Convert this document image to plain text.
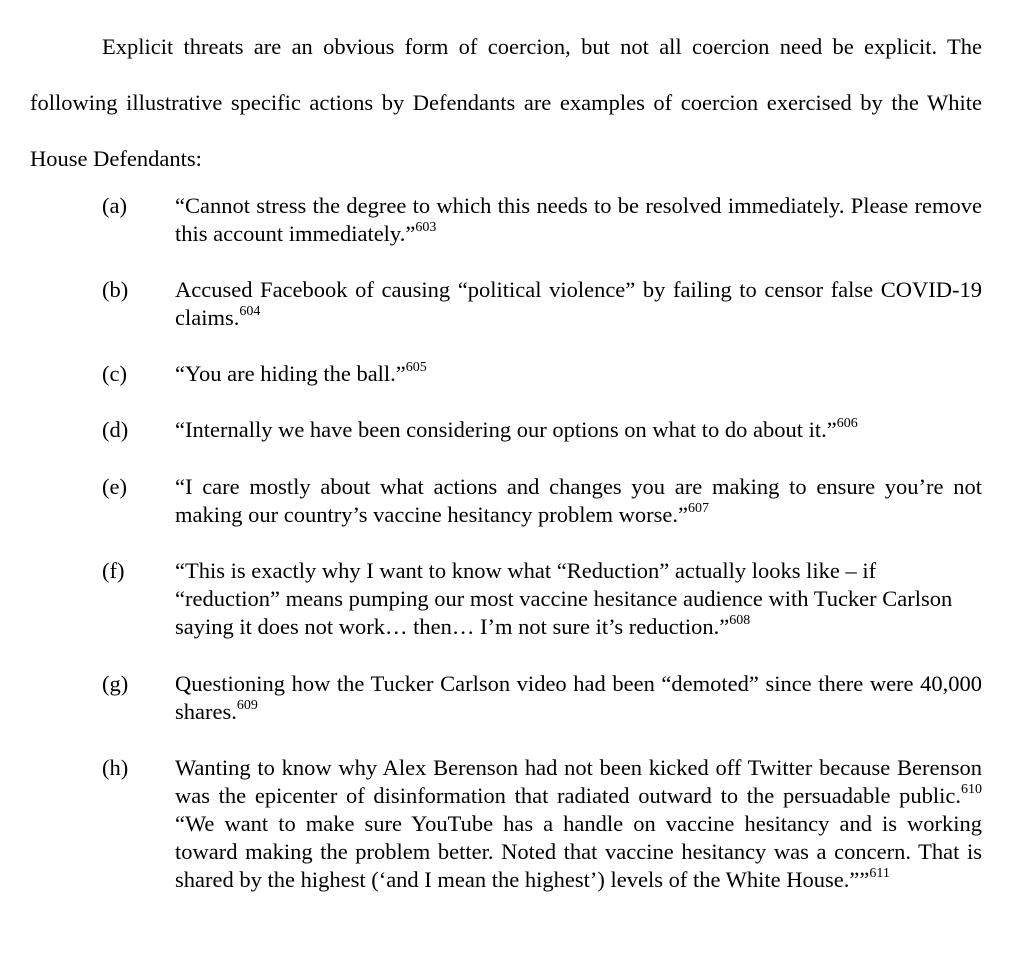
Explicit threats are an obvious form of coercion, but not all coercion need be explicit. The following illustrative specific actions by Defendants are examples of coercion exercised by the White House Defendants:

(a) “Cannot stress the degree to which this needs to be resolved immediately. Please remove this account immediately.”$^{603}$

(b) Accused Facebook of causing “political violence” by failing to censor false COVID-19 claims.$^{604}$

(c) “You are hiding the ball.”$^{605}$

(d) “Internally we have been considering our options on what to do about it.”$^{606}$

(e) “I care mostly about what actions and changes you are making to ensure you’re not making our country’s vaccine hesitancy problem worse.”$^{607}$

(f) “This is exactly why I want to know what “Reduction” actually looks like – if “reduction” means pumping our most vaccine hesitance audience with Tucker Carlson saying it does not work… then… I’m not sure it’s reduction.”$^{608}$

(g) Questioning how the Tucker Carlson video had been “demoted” since there were 40,000 shares.$^{609}$

(h) Wanting to know why Alex Berenson had not been kicked off Twitter because Berenson was the epicenter of disinformation that radiated outward to the persuadable public.$^{610}$ “We want to make sure YouTube has a handle on vaccine hesitancy and is working toward making the problem better. Noted that vaccine hesitancy was a concern. That is shared by the highest (‘and I mean the highest’) levels of the White House.””$^{611}$
